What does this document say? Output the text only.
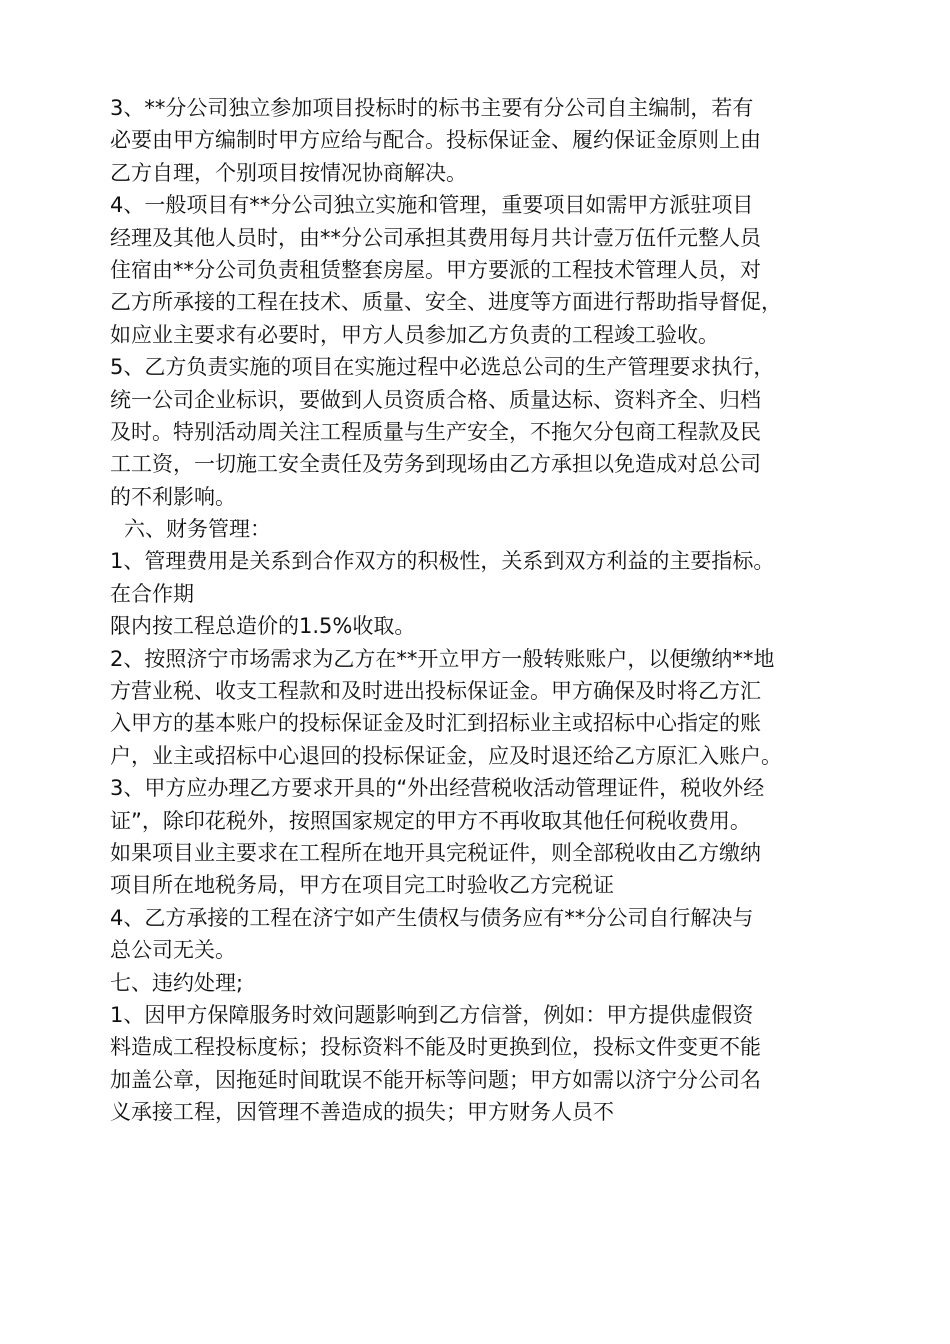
3、**分公司独立参加项目投标时的标书主要有分公司自主编制，若有
必要由甲方编制时甲方应给与配合。投标保证金、履约保证金原则上由
乙方自理，个别项目按情况协商解决。
4、一般项目有**分公司独立实施和管理，重要项目如需甲方派驻项目
经理及其他人员时，由**分公司承担其费用每月共计壹万伍仟元整人员
住宿由**分公司负责租赁整套房屋。甲方要派的工程技术管理人员，对
乙方所承接的工程在技术、质量、安全、进度等方面进行帮助指导督促，
如应业主要求有必要时，甲方人员参加乙方负责的工程竣工验收。
5、乙方负责实施的项目在实施过程中必选总公司的生产管理要求执行，
统一公司企业标识，要做到人员资质合格、质量达标、资料齐全、归档
及时。特别活动周关注工程质量与生产安全，不拖欠分包商工程款及民
工工资，一切施工安全责任及劳务到现场由乙方承担以免造成对总公司
的不利影响。
六、财务管理：
1、管理费用是关系到合作双方的积极性，关系到双方利益的主要指标。
在合作期
限内按工程总造价的1.5%收取。
2、按照济宁市场需求为乙方在**开立甲方一般转账账户，以便缴纳**地
方营业税、收支工程款和及时进出投标保证金。甲方确保及时将乙方汇
入甲方的基本账户的投标保证金及时汇到招标业主或招标中心指定的账
户，业主或招标中心退回的投标保证金，应及时退还给乙方原汇入账户。
3、甲方应办理乙方要求开具的“外出经营税收活动管理证件，税收外经
证”，除印花税外，按照国家规定的甲方不再收取其他任何税收费用。
如果项目业主要求在工程所在地开具完税证件，则全部税收由乙方缴纳
项目所在地税务局，甲方在项目完工时验收乙方完税证
4、乙方承接的工程在济宁如产生债权与债务应有**分公司自行解决与
总公司无关。
七、违约处理;
1、因甲方保障服务时效问题影响到乙方信誉，例如：甲方提供虚假资
料造成工程投标度标；投标资料不能及时更换到位，投标文件变更不能
加盖公章，因拖延时间耽误不能开标等问题；甲方如需以济宁分公司名
义承接工程，因管理不善造成的损失；甲方财务人员不
